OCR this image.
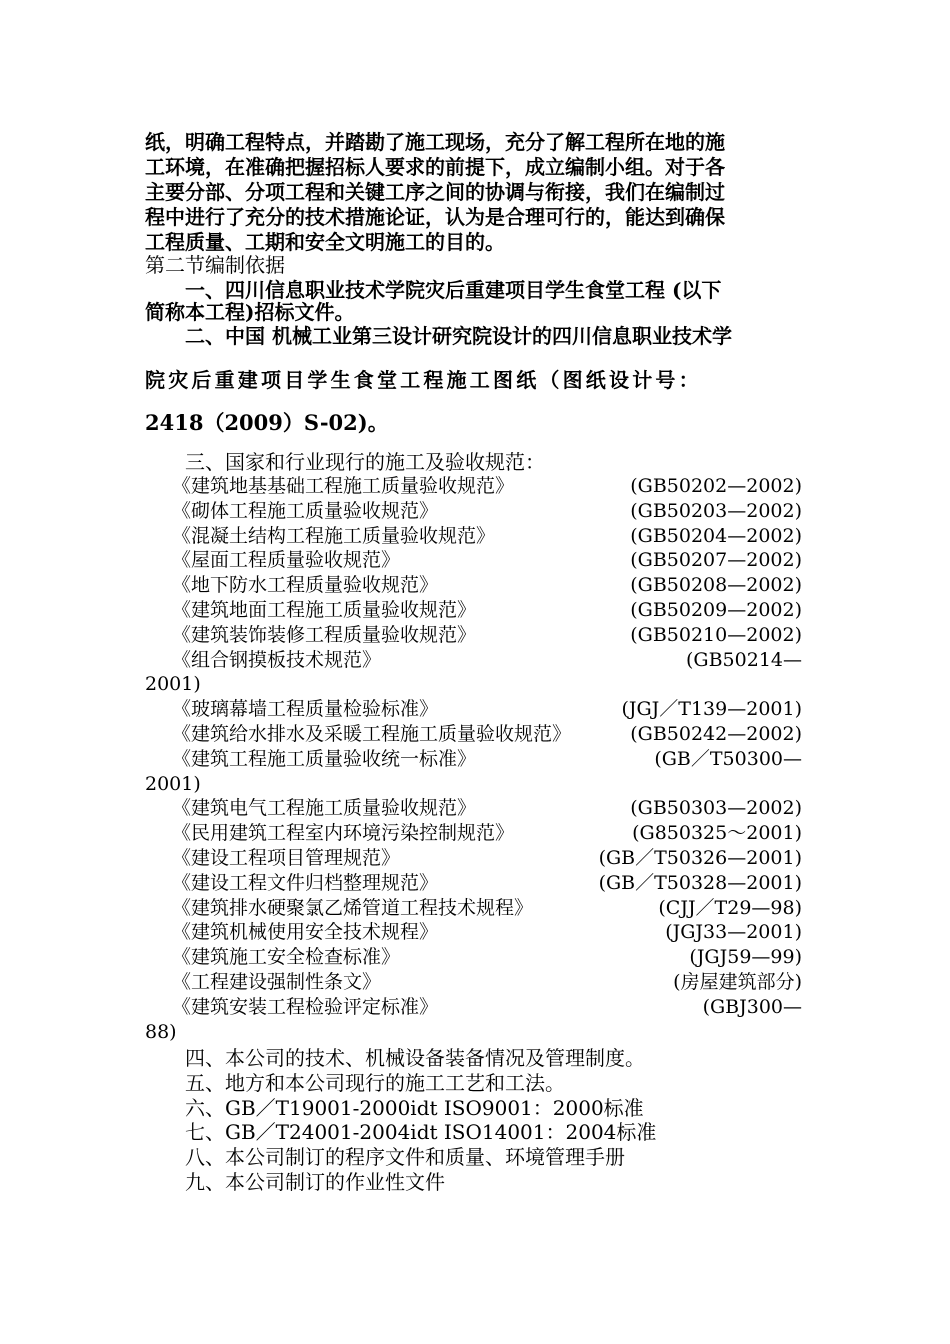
纸，明确工程特点，并踏勘了施工现场，充分了解工程所在地的施
工环境，在准确把握招标人要求的前提下，成立编制小组。对于各
主要分部、分项工程和关键工序之间的协调与衔接，我们在编制过
程中进行了充分的技术措施论证，认为是合理可行的，能达到确保
工程质量、工期和安全文明施工的目的。
第二节编制依据
　　一、四川信息职业技术学院灾后重建项目学生食堂工程 (以下
简称本工程)招标文件。
　　二、中国 机械工业第三设计研究院设计的四川信息职业技术学
院灾后重建项目学生食堂工程施工图纸（图纸设计号：
2418（2009）S-02)。
　　三、国家和行业现行的施工及验收规范：
《建筑地基基础工程施工质量验收规范》	(GB50202—2002)
《砌体工程施工质量验收规范》	(GB50203—2002)
《混凝土结构工程施工质量验收规范》	(GB50204—2002)
《屋面工程质量验收规范》	(GB50207—2002)
《地下防水工程质量验收规范》	(GB50208—2002)
《建筑地面工程施工质量验收规范》	(GB50209—2002)
《建筑装饰装修工程质量验收规范》	(GB50210—2002)
《组合钢摸板技术规范》	(GB50214—
2001)
《玻璃幕墙工程质量检验标准》	(JGJ／T139—2001)
《建筑给水排水及采暖工程施工质量验收规范》	(GB50242—2002)
《建筑工程施工质量验收统一标准》	(GB／T50300—
2001)
《建筑电气工程施工质量验收规范》	(GB50303—2002)
《民用建筑工程室内环境污染控制规范》	(G850325～2001)
《建设工程项目管理规范》	(GB／T50326—2001)
《建设工程文件归档整理规范》	(GB／T50328—2001)
《建筑排水硬聚氯乙烯管道工程技术规程》	(CJJ／T29—98)
《建筑机械使用安全技术规程》	(JGJ33—2001)
《建筑施工安全检查标准》	(JGJ59—99)
《工程建设强制性条文》	(房屋建筑部分)
《建筑安装工程检验评定标准》	(GBJ300—
88)
　　四、本公司的技术、机械设备装备情况及管理制度。
　　五、地方和本公司现行的施工工艺和工法。
　　六、GB／T19001-2000idt ISO9001：2000标准
　　七、GB／T24001-2004idt ISO14001：2004标准
　　八、本公司制订的程序文件和质量、环境管理手册
　　九、本公司制订的作业性文件
